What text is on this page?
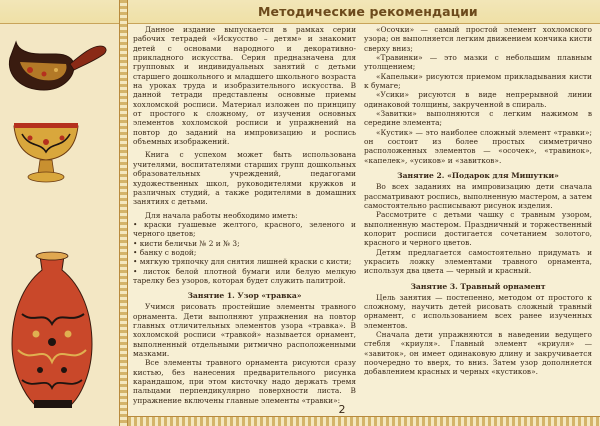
Методические рекомендации

Данное издание выпускается в рамках серии рабочих тетрадей «Искусство – детям» и знакомит детей с основами народного и декоративно-прикладного искусства. Серия предназначена для групповых и индивидуальных занятий с детьми старшего дошкольного и младшего школьного возраста на уроках труда и изобразительного искусства. В данной тетради представлены основные приемы хохломской росписи. Материал изложен по принципу от простого к сложному, от изучения основных элементов хохломской росписи и упражнений на повтор до заданий на импровизацию и роспись объемных изображений.

Книга с успехом может быть использована учителями, воспитателями старших групп дошкольных образовательных учреждений, педагогами художественных школ, руководителями кружков и различных студий, а также родителями в домашних занятиях с детьми.

Для начала работы необходимо иметь:

• краски гуашевые желтого, красного, зеленого и черного цветов;

• кисти беличьи № 2 и № 3;

• банку с водой;

• мягкую тряпочку для снятия лишней краски с кисти;

• листок белой плотной бумаги или белую мелкую тарелку без узоров, которая будет служить палитрой.

Занятие 1. Узор «травка»

Учимся рисовать простейшие элементы травного орнамента. Дети выполняют упражнения на повтор главных отличительных элементов узора «травка». В хохломской росписи «травкой» называется орнамент, выполненный отдельными ритмично расположенными мазками.

Все элементы травного орнамента рисуются сразу кистью, без нанесения предварительного рисунка карандашом, при этом кисточку надо держать тремя пальцами перпендикулярно поверхности листа. В упражнение включены главные элементы «травки»:

«Осочки» — самый простой элемент хохломского узора; он выполняется легким движением кончика кисти сверху вниз;

«Травинки» — это мазки с небольшим плавным утолщением;

«Капельки» рисуются приемом прикладывания кисти к бумаге;

«Усики» рисуются в виде непрерывной линии одинаковой толщины, закрученной в спираль.

«Завитки» выполняются с легким нажимом в середине элемента;

«Кустик» — это наиболее сложный элемент «травки»; он состоит из более простых симметрично расположенных элементов — «осочек», «травинок», «капелек», «усиков» и «завитков».

Занятие 2. «Подарок для Мишутки»

Во всех заданиях на импровизацию дети сначала рассматривают роспись, выполненную мастером, а затем самостоятельно расписывают рисунок изделия.

Рассмотрите с детьми чашку с травным узором, выполненную мастером. Праздничный и торжественный колорит росписи достигается сочетанием золотого, красного и черного цветов.

Детям предлагается самостоятельно придумать и украсить ложку элементами травного орнамента, используя два цвета — черный и красный.

Занятие 3. Травный орнамент

Цель занятия — постепенно, методом от простого к сложному, научить детей рисовать сложный травный орнамент, с использованием всех ранее изученных элементов.

Сначала дети упражняются в наведении ведущего стебля «криуля». Главный элемент «криуля» — «завиток», он имеет одинаковую длину и закручивается поочередно то вверх, то вниз. Затем узор дополняется добавлением красных и черных «кустиков».

2
